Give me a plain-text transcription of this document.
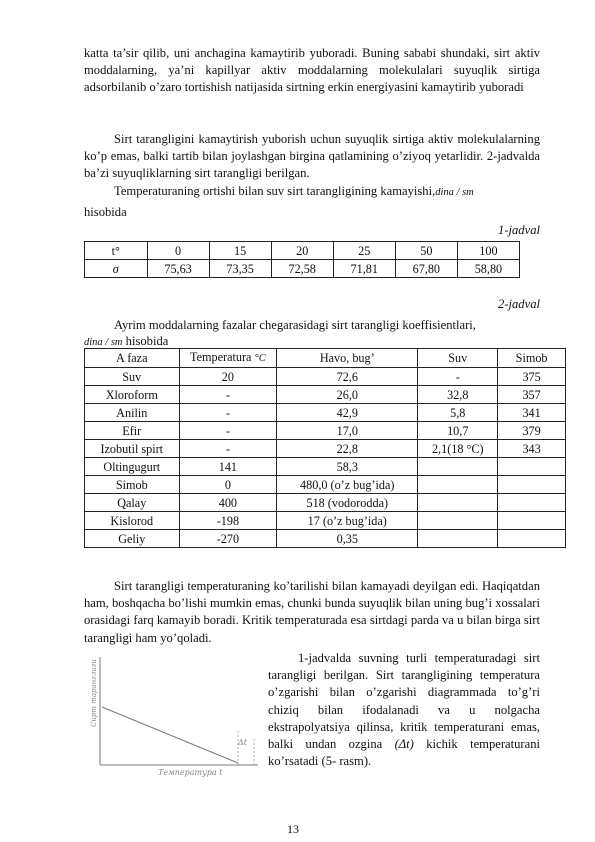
katta ta’sir qilib, uni anchagina kamaytirib yuboradi. Buning sababi shundaki, sirt aktiv moddalarning, ya’ni kapillyar aktiv moddalarning molekulalari suyuqlik sirtiga adsorbilanib o’zaro tortishish natijasida sirtning erkin energiyasini kamaytirib yuboradi
Sirt tarangligini kamaytirish yuborish uchun suyuqlik sirtiga aktiv molekulalarning ko’p emas, balki tartib bilan joylashgan birgina qatlamining o’ziyoq yetarlidir. 2-jadvalda ba’zi suyuqliklarning sirt tarangligi berilgan.
Temperaturaning ortishi bilan suv sirt tarangligining kamayishi,dina / sm
hisobida
1-jadval
t°	0	15	20	25	50	100
σ	75,63	73,35	72,58	71,81	67,80	58,80
2-jadval
Ayrim moddalarning fazalar chegarasidagi sirt tarangligi koeffisientlari,
dina / sm hisobida
A faza	Temperatura °C	Havo, bug’	Suv	Simob
Suv	20	72,6	-	375
Xloroform	-	26,0	32,8	357
Anilin	-	42,9	5,8	341
Efir	-	17,0	10,7	379
Izobutil spirt	-	22,8	2,1(18 °C)	343
Oltingugurt	141	58,3		
Simob	0	480,0 (o’z bug’ida)		
Qalay	400	518 (vodorodda)		
Kislorod	-198	17 (o’z bug’ida)		
Geliy	-270	0,35		
Sirt tarangligi temperaturaning ko’tarilishi bilan kamayadi deyilgan edi. Haqiqatdan ham, boshqacha bo’lishi mumkin emas, chunki bunda suyuqlik bilan uning bug’i xossalari orasidagi farq kamayib boradi. Kritik temperaturada esa sirtdagi parda va u bilan birga sirt tarangligi ham yo’qoladi.
Δt
Температура t
Сирт таранглиги
1-jadvalda suvning turli temperaturadagi sirt tarangligi berilgan. Sirt tarangligining temperatura o’zgarishi bilan o’zgarishi diagrammada to’g’ri chiziq bilan ifodalanadi va u nolgacha ekstrapolyatsiya qilinsa, kritik temperaturani emas, balki undan ozgina (Δt) kichik temperaturani ko’rsatadi (5- rasm).
13
